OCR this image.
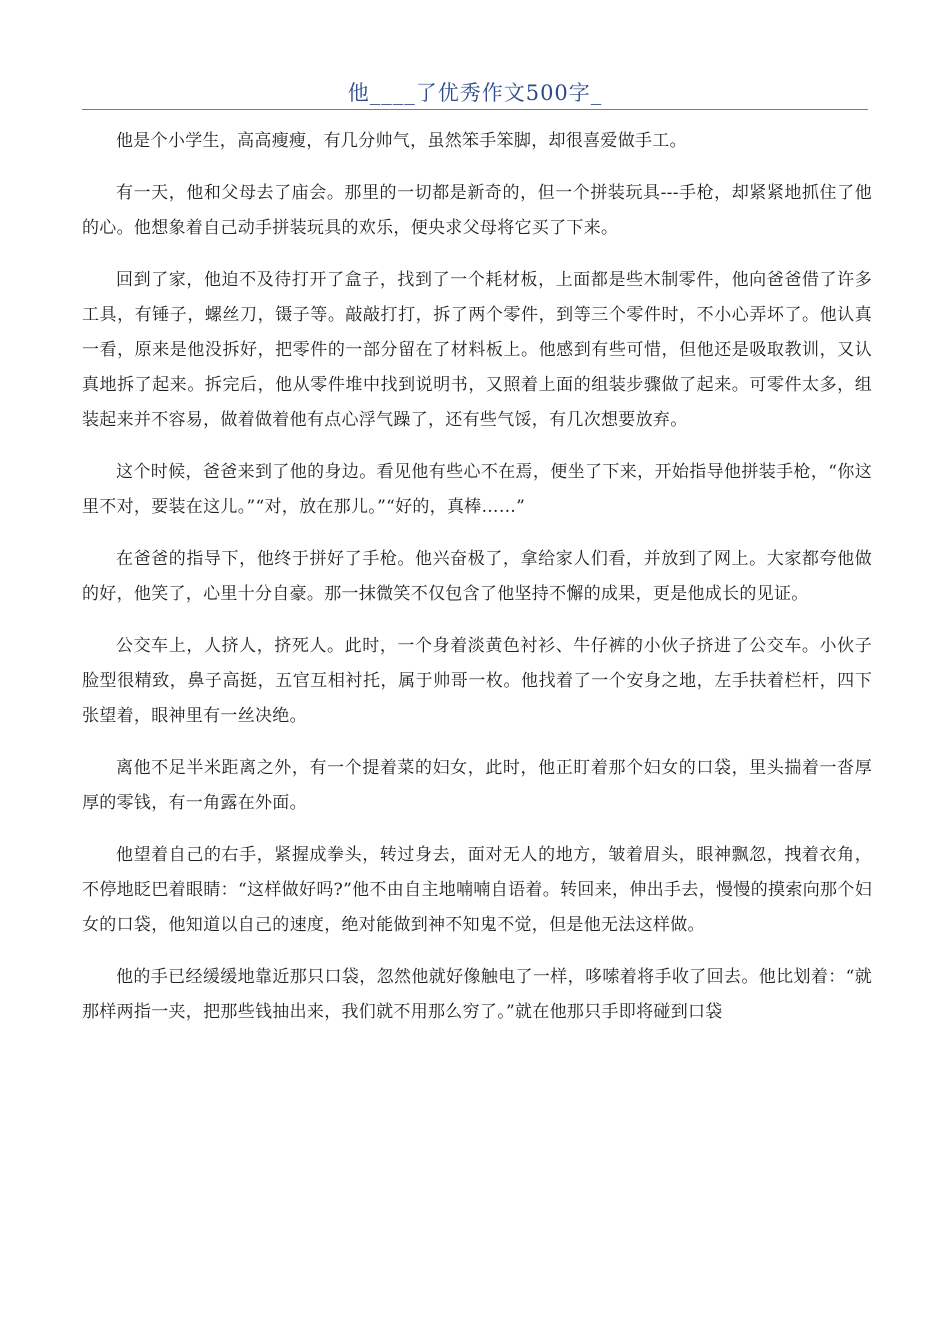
他____了优秀作文500字_

他是个小学生，高高瘦瘦，有几分帅气，虽然笨手笨脚，却很喜爱做手工。

有一天，他和父母去了庙会。那里的一切都是新奇的，但一个拼装玩具---手枪，却紧紧地抓住了他的心。他想象着自己动手拼装玩具的欢乐，便央求父母将它买了下来。

回到了家，他迫不及待打开了盒子，找到了一个耗材板，上面都是些木制零件，他向爸爸借了许多工具，有锤子，螺丝刀，镊子等。敲敲打打，拆了两个零件，到等三个零件时，不小心弄坏了。他认真一看，原来是他没拆好，把零件的一部分留在了材料板上。他感到有些可惜，但他还是吸取教训，又认真地拆了起来。拆完后，他从零件堆中找到说明书，又照着上面的组装步骤做了起来。可零件太多，组装起来并不容易，做着做着他有点心浮气躁了，还有些气馁，有几次想要放弃。

这个时候，爸爸来到了他的身边。看见他有些心不在焉，便坐了下来，开始指导他拼装手枪，“你这里不对，要装在这儿。”“对，放在那儿。”“好的，真棒……”

在爸爸的指导下，他终于拼好了手枪。他兴奋极了，拿给家人们看，并放到了网上。大家都夸他做的好，他笑了，心里十分自豪。那一抹微笑不仅包含了他坚持不懈的成果，更是他成长的见证。

公交车上，人挤人，挤死人。此时，一个身着淡黄色衬衫、牛仔裤的小伙子挤进了公交车。小伙子脸型很精致，鼻子高挺，五官互相衬托，属于帅哥一枚。他找着了一个安身之地，左手扶着栏杆，四下张望着，眼神里有一丝决绝。

离他不足半米距离之外，有一个提着菜的妇女，此时，他正盯着那个妇女的口袋，里头揣着一沓厚厚的零钱，有一角露在外面。

他望着自己的右手，紧握成拳头，转过身去，面对无人的地方，皱着眉头，眼神飘忽，拽着衣角，不停地眨巴着眼睛：“这样做好吗?”他不由自主地喃喃自语着。转回来，伸出手去，慢慢的摸索向那个妇女的口袋，他知道以自己的速度，绝对能做到神不知鬼不觉，但是他无法这样做。

他的手已经缓缓地靠近那只口袋，忽然他就好像触电了一样，哆嗦着将手收了回去。他比划着：“就那样两指一夹，把那些钱抽出来，我们就不用那么穷了。”就在他那只手即将碰到口袋
